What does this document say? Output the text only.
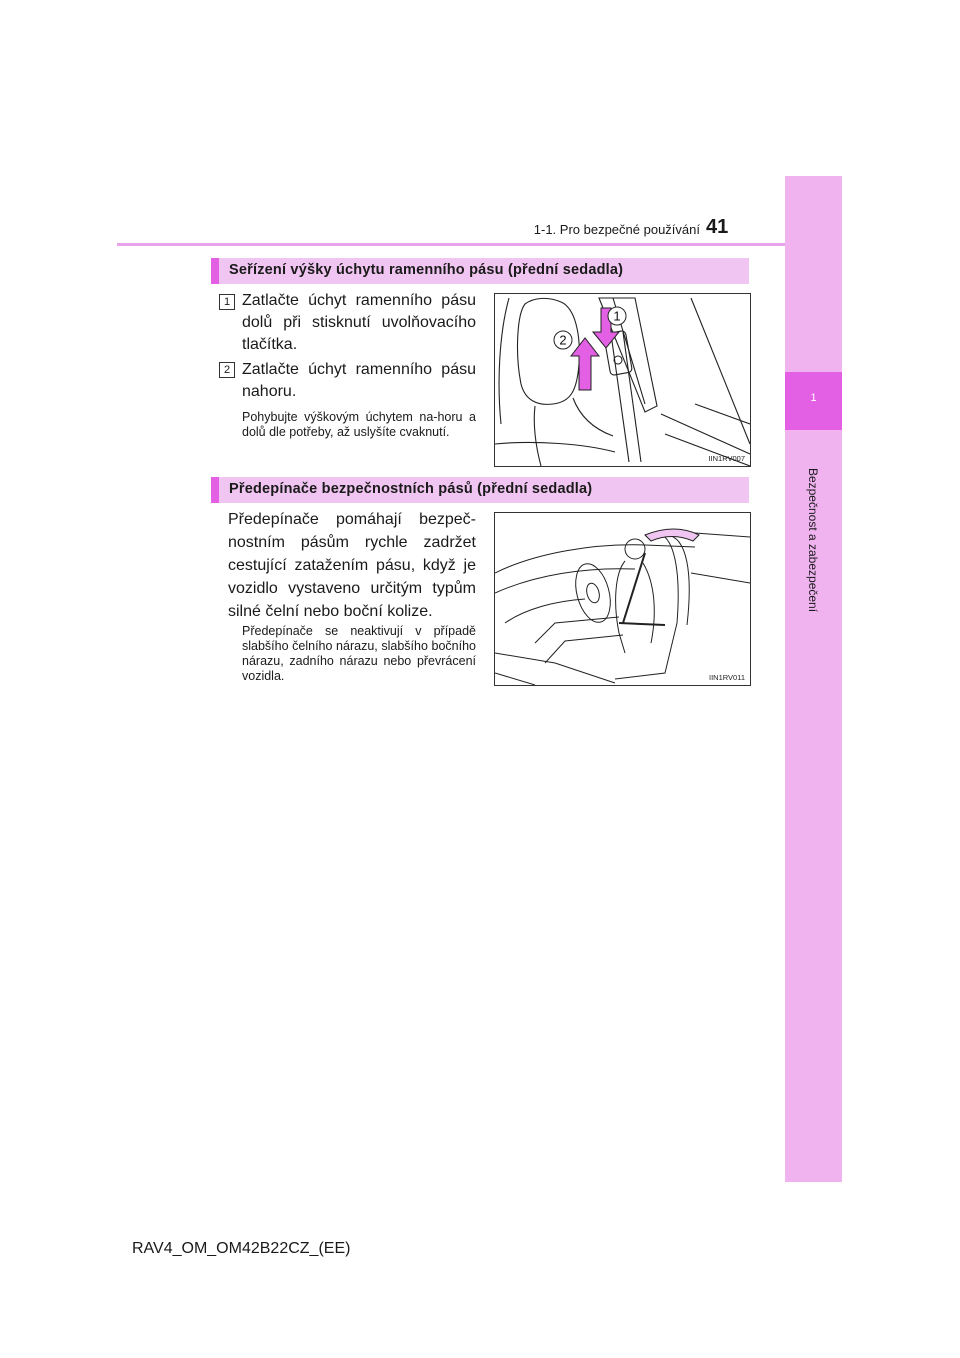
1
Bezpečnost a zabezpečení
1-1. Pro bezpečné používání 41
Seřízení výšky úchytu ramenního pásu (přední sedadla)
1 Zatlačte úchyt ramenního pásu dolů při stisknutí uvolňovacího tlačítka.
2 Zatlačte úchyt ramenního pásu nahoru.
Pohybujte výškovým úchytem na-horu a dolů dle potřeby, až uslyšíte cvaknutí.
1
2
IIN1RV007
Předepínače bezpečnostních pásů (přední sedadla)
Předepínače pomáhají bezpeč-nostním pásům rychle zadržet cestující zatažením pásu, když je vozidlo vystaveno určitým typům silné čelní nebo boční kolize.
Předepínače se neaktivují v případě slabšího čelního nárazu, slabšího bočního nárazu, zadního nárazu nebo převrácení vozidla.	IIN1RV011
RAV4_OM_OM42B22CZ_(EE)
